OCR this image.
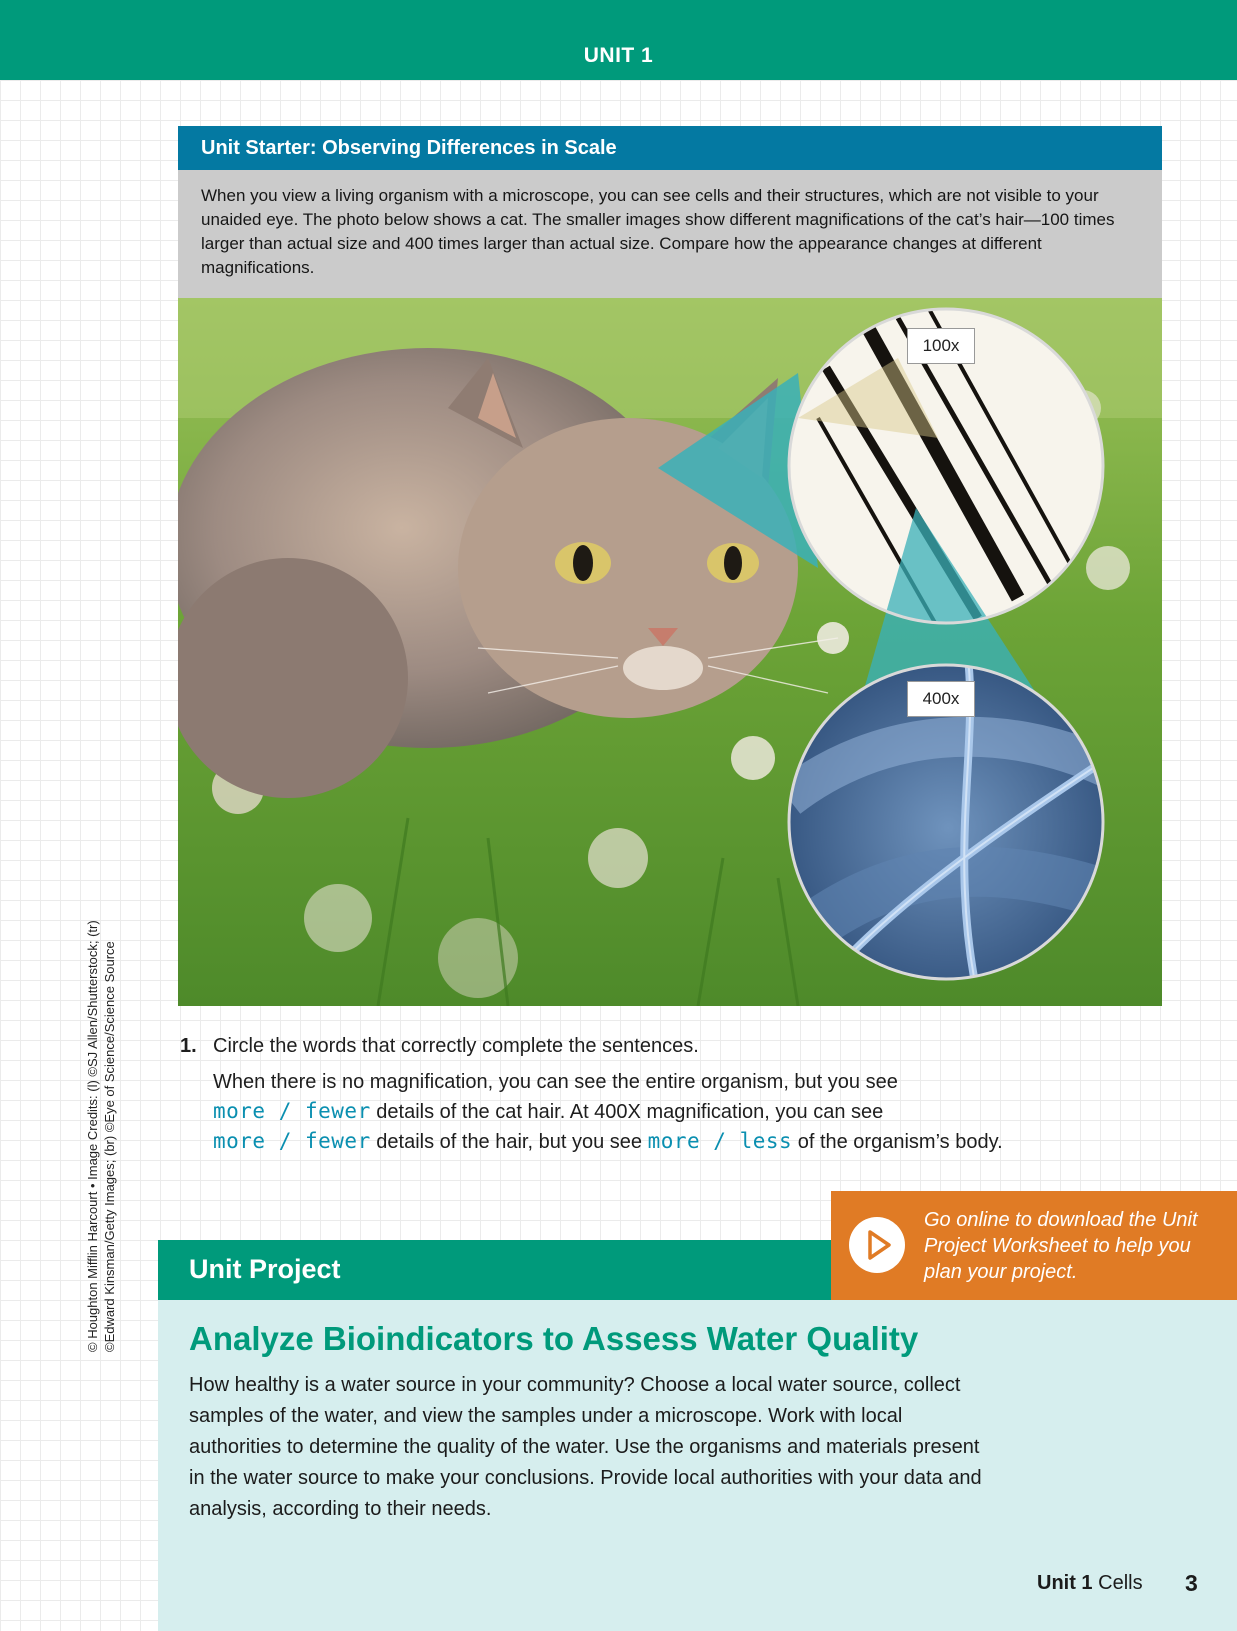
UNIT 1
© Houghton Mifflin Harcourt • Image Credits: (l) ©SJ Allen/Shutterstock; (tr) ©Edward Kinsman/Getty Images; (br) ©Eye of Science/Science Source
Unit Starter: Observing Differences in Scale
When you view a living organism with a microscope, you can see cells and their structures, which are not visible to your unaided eye. The photo below shows a cat. The smaller images show different magnifications of the cat’s hair—100 times larger than actual size and 400 times larger than actual size. Compare how the appearance changes at different magnifications.
100x
400x
1. Circle the words that correctly complete the sentences.
When there is no magnification, you can see the entire organism, but you see
more / fewer details of the cat hair. At 400X magnification, you can see
more / fewer details of the hair, but you see more / less of the organism’s body.
Unit Project
Go online to download the Unit Project Worksheet to help you plan your project.
Analyze Bioindicators to Assess Water Quality
How healthy is a water source in your community? Choose a local water source, collect samples of the water, and view the samples under a microscope. Work with local authorities to determine the quality of the water. Use the organisms and materials present in the water source to make your conclusions. Provide local authorities with your data and analysis, according to their needs.
Unit 1 Cells 3
